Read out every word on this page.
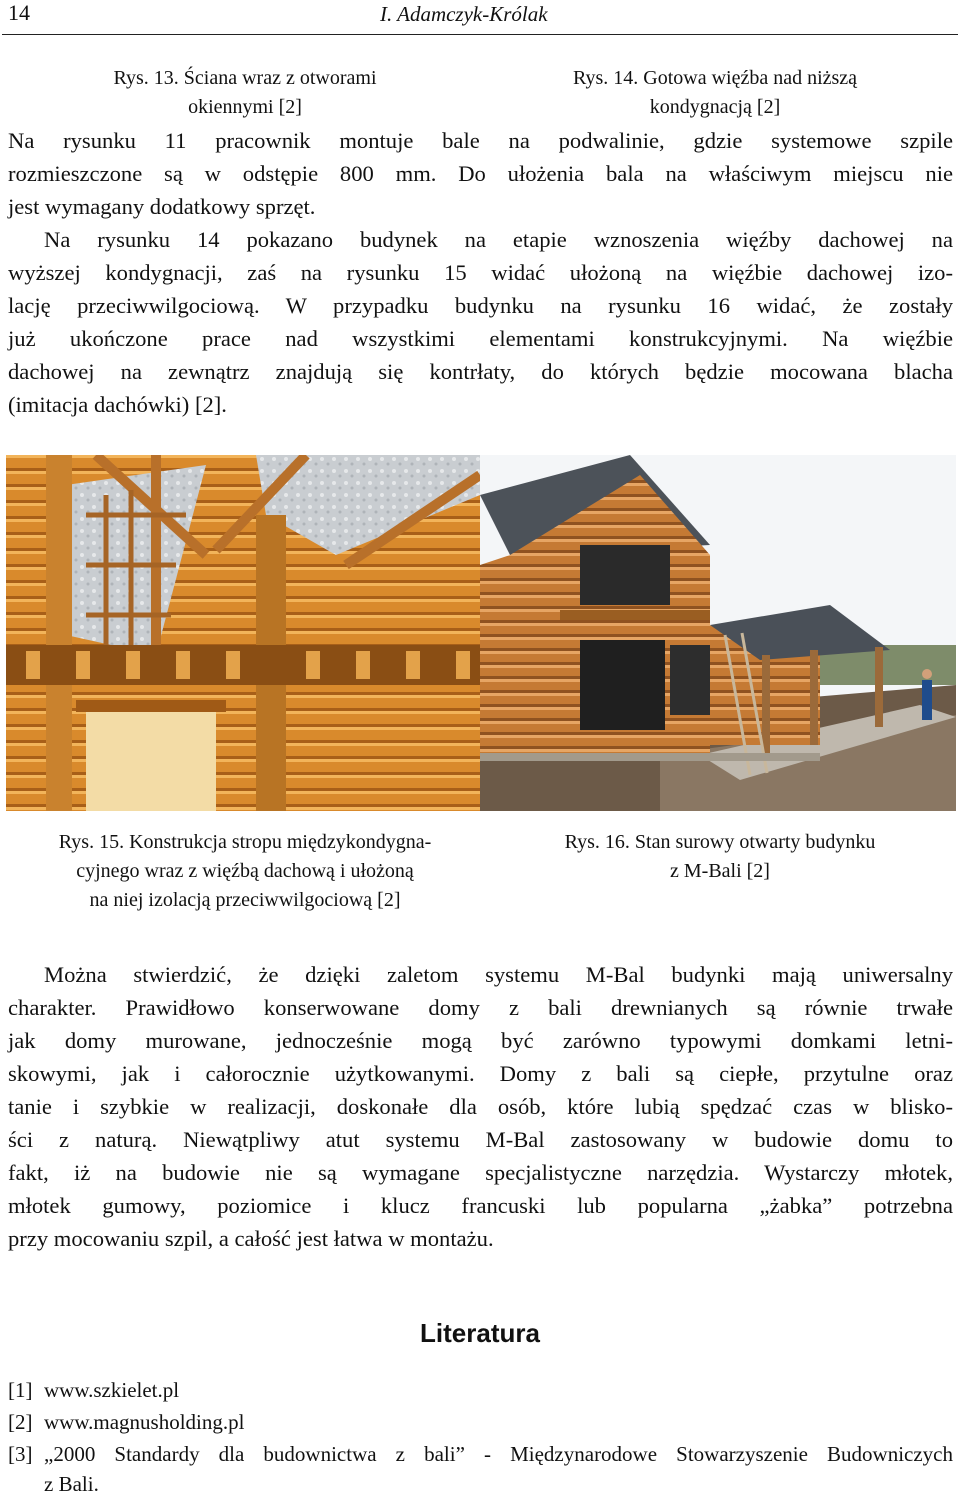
14	I. Adamczyk-Królak
Rys. 13. Ściana wraz z otworami
okiennymi [2]
Rys. 14. Gotowa więźba nad niższą
kondygnacją [2]

Na rysunku 11 pracownik montuje bale na podwalinie, gdzie systemowe szpile

rozmieszczone są w odstępie 800 mm. Do ułożenia bala na właściwym miejscu nie

jest wymagany dodatkowy sprzęt.

Na rysunku 14 pokazano budynek na etapie wznoszenia więźby dachowej na

wyższej kondygnacji, zaś na rysunku 15 widać ułożoną na więźbie dachowej izo-

lację przeciwwilgociową. W przypadku budynku na rysunku 16 widać, że zostały

już ukończone prace nad wszystkimi elementami konstrukcyjnymi. Na więźbie

dachowej na zewnątrz znajdują się kontrłaty, do których będzie mocowana blacha

(imitacja dachówki) [2].

Rys. 15. Konstrukcja stropu międzykondygna-
cyjnego wraz z więźbą dachową i ułożoną
na niej izolacją przeciwwilgociową [2]
Rys. 16. Stan surowy otwarty budynku
z M-Bali [2]

Można stwierdzić, że dzięki zaletom systemu M-Bal budynki mają uniwersalny

charakter. Prawidłowo konserwowane domy z bali drewnianych są równie trwałe

jak domy murowane, jednocześnie mogą być zarówno typowymi domkami letni-

skowymi, jak i całorocznie użytkowanymi. Domy z bali są ciepłe, przytulne oraz

tanie i szybkie w realizacji, doskonałe dla osób, które lubią spędzać czas w blisko-

ści z naturą. Niewątpliwy atut systemu M-Bal zastosowany w budowie domu to

fakt, iż na budowie nie są wymagane specjalistyczne narzędzia. Wystarczy młotek,

młotek gumowy, poziomice i klucz francuski lub popularna „żabka” potrzebna

przy mocowaniu szpil, a całość jest łatwa w montażu.

Literatura
[1] www.szkielet.pl
[2] www.magnusholding.pl
[3] „2000 Standardy dla budownictwa z bali” - Międzynarodowe Stowarzyszenie Budowniczych
z Bali.
